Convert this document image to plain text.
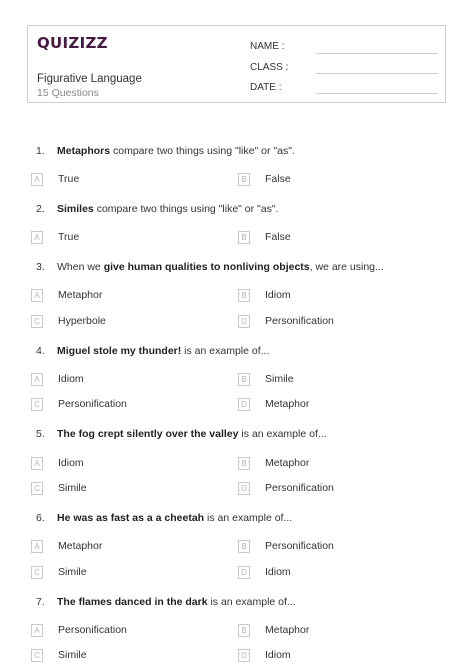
QUIZIZZ
Figurative Language
15 Questions
NAME :
CLASS :
DATE :
1. Metaphors compare two things using "like" or "as".
A	True	B	False
2. Similes compare two things using "like" or "as".
A	True	B	False
3. When we give human qualities to nonliving objects, we are using...
A	Metaphor	B	Idiom
C Hyperbole	D Personification
4. Miguel stole my thunder! is an example of...
A	Idiom	B	Simile
C Personification	D Metaphor
5. The fog crept silently over the valley is an example of...
A	Idiom	B	Metaphor
C Simile	D Personification
6. He was as fast as a a cheetah is an example of...
A	Metaphor	B	Personification
C Simile	D Idiom
7. The flames danced in the dark is an example of...
A	Personification	B	Metaphor
C Simile	D Idiom
